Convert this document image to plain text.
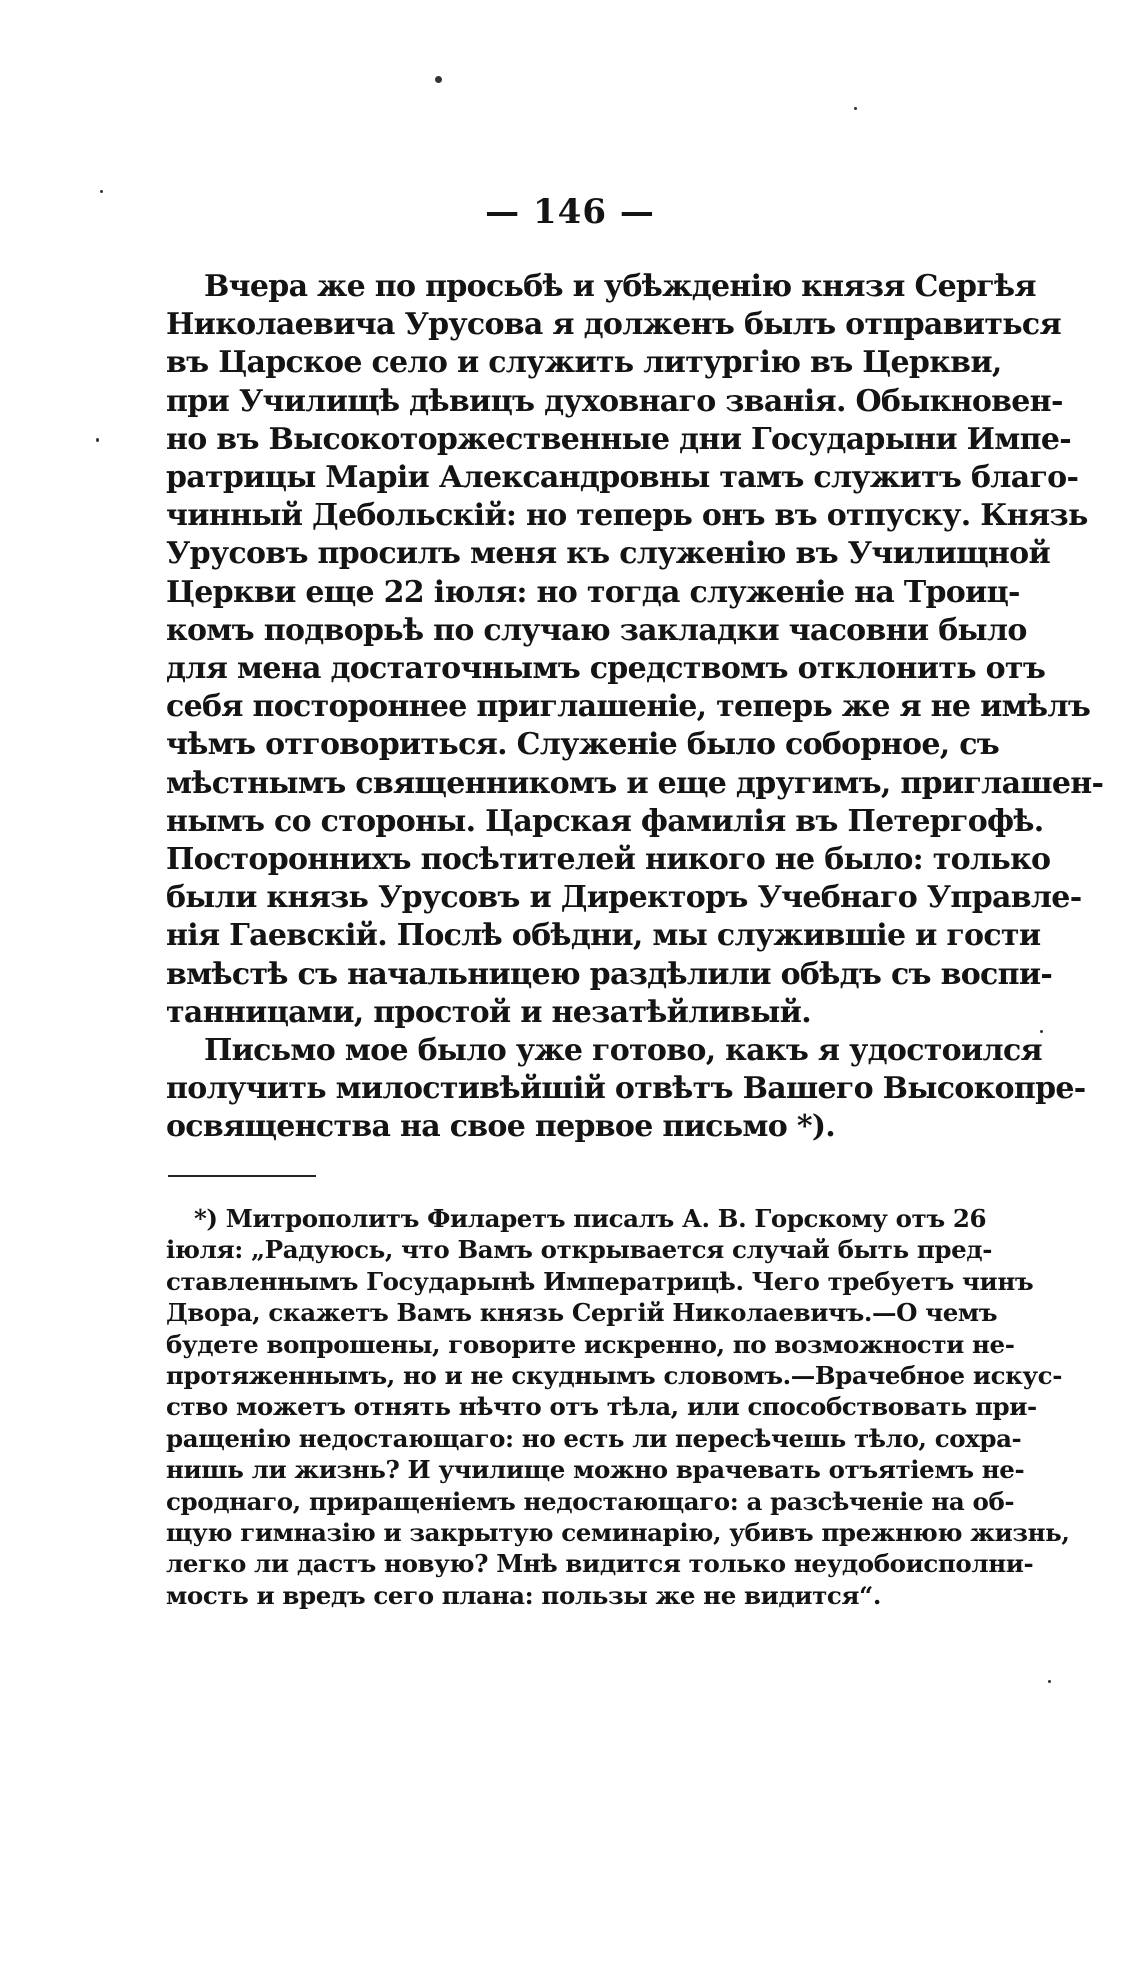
— 146 —
Вчера же по просьбѣ и убѣжденію князя Сергѣя
Николаевича Урусова я долженъ былъ отправиться
въ Царское село и служить литургію въ Церкви,
при Училищѣ дѣвицъ духовнаго званія. Обыкновен-
но въ Высокоторжественные дни Государыни Импе-
ратрицы Маріи Александровны тамъ служитъ благо-
чинный Дебольскій: но теперь онъ въ отпуску. Князь
Урусовъ просилъ меня къ служенію въ Училищной
Церкви еще 22 іюля: но тогда служеніе на Троиц-
комъ подворьѣ по случаю закладки часовни было
для мена достаточнымъ средствомъ отклонить отъ
себя постороннее приглашеніе, теперь же я не имѣлъ
чѣмъ отговориться. Служеніе было соборное, съ
мѣстнымъ священникомъ и еще другимъ, приглашен-
нымъ со стороны. Царская фамилія въ Петергофѣ.
Постороннихъ посѣтителей никого не было: только
были князь Урусовъ и Директоръ Учебнаго Управле-
нія Гаевскій. Послѣ обѣдни, мы служившіе и гости
вмѣстѣ съ начальницею раздѣлили обѣдъ съ воспи-
танницами, простой и незатѣйливый.
Письмо мое было уже готово, какъ я удостоился
получить милостивѣйшій отвѣтъ Вашего Высокопре-
освященства на свое первое письмо *).
*) Митрополитъ Филаретъ писалъ А. В. Горскому отъ 26
іюля: „Радуюсь, что Вамъ открывается случай быть пред-
ставленнымъ Государынѣ Императрицѣ. Чего требуетъ чинъ
Двора, скажетъ Вамъ князь Сергій Николаевичъ.—О чемъ
будете вопрошены, говорите искренно, по возможности не-
протяженнымъ, но и не скуднымъ словомъ.—Врачебное искус-
ство можетъ отнять нѣчто отъ тѣла, или способствовать при-
ращенію недостающаго: но есть ли пересѣчешь тѣло, сохра-
нишь ли жизнь? И училище можно врачевать отъятіемъ не-
сроднаго, приращеніемъ недостающаго: а разсѣченіе на об-
щую гимназію и закрытую семинарію, убивъ прежнюю жизнь,
легко ли дастъ новую? Мнѣ видится только неудобоисполни-
мость и вредъ сего плана: пользы же не видится“.
